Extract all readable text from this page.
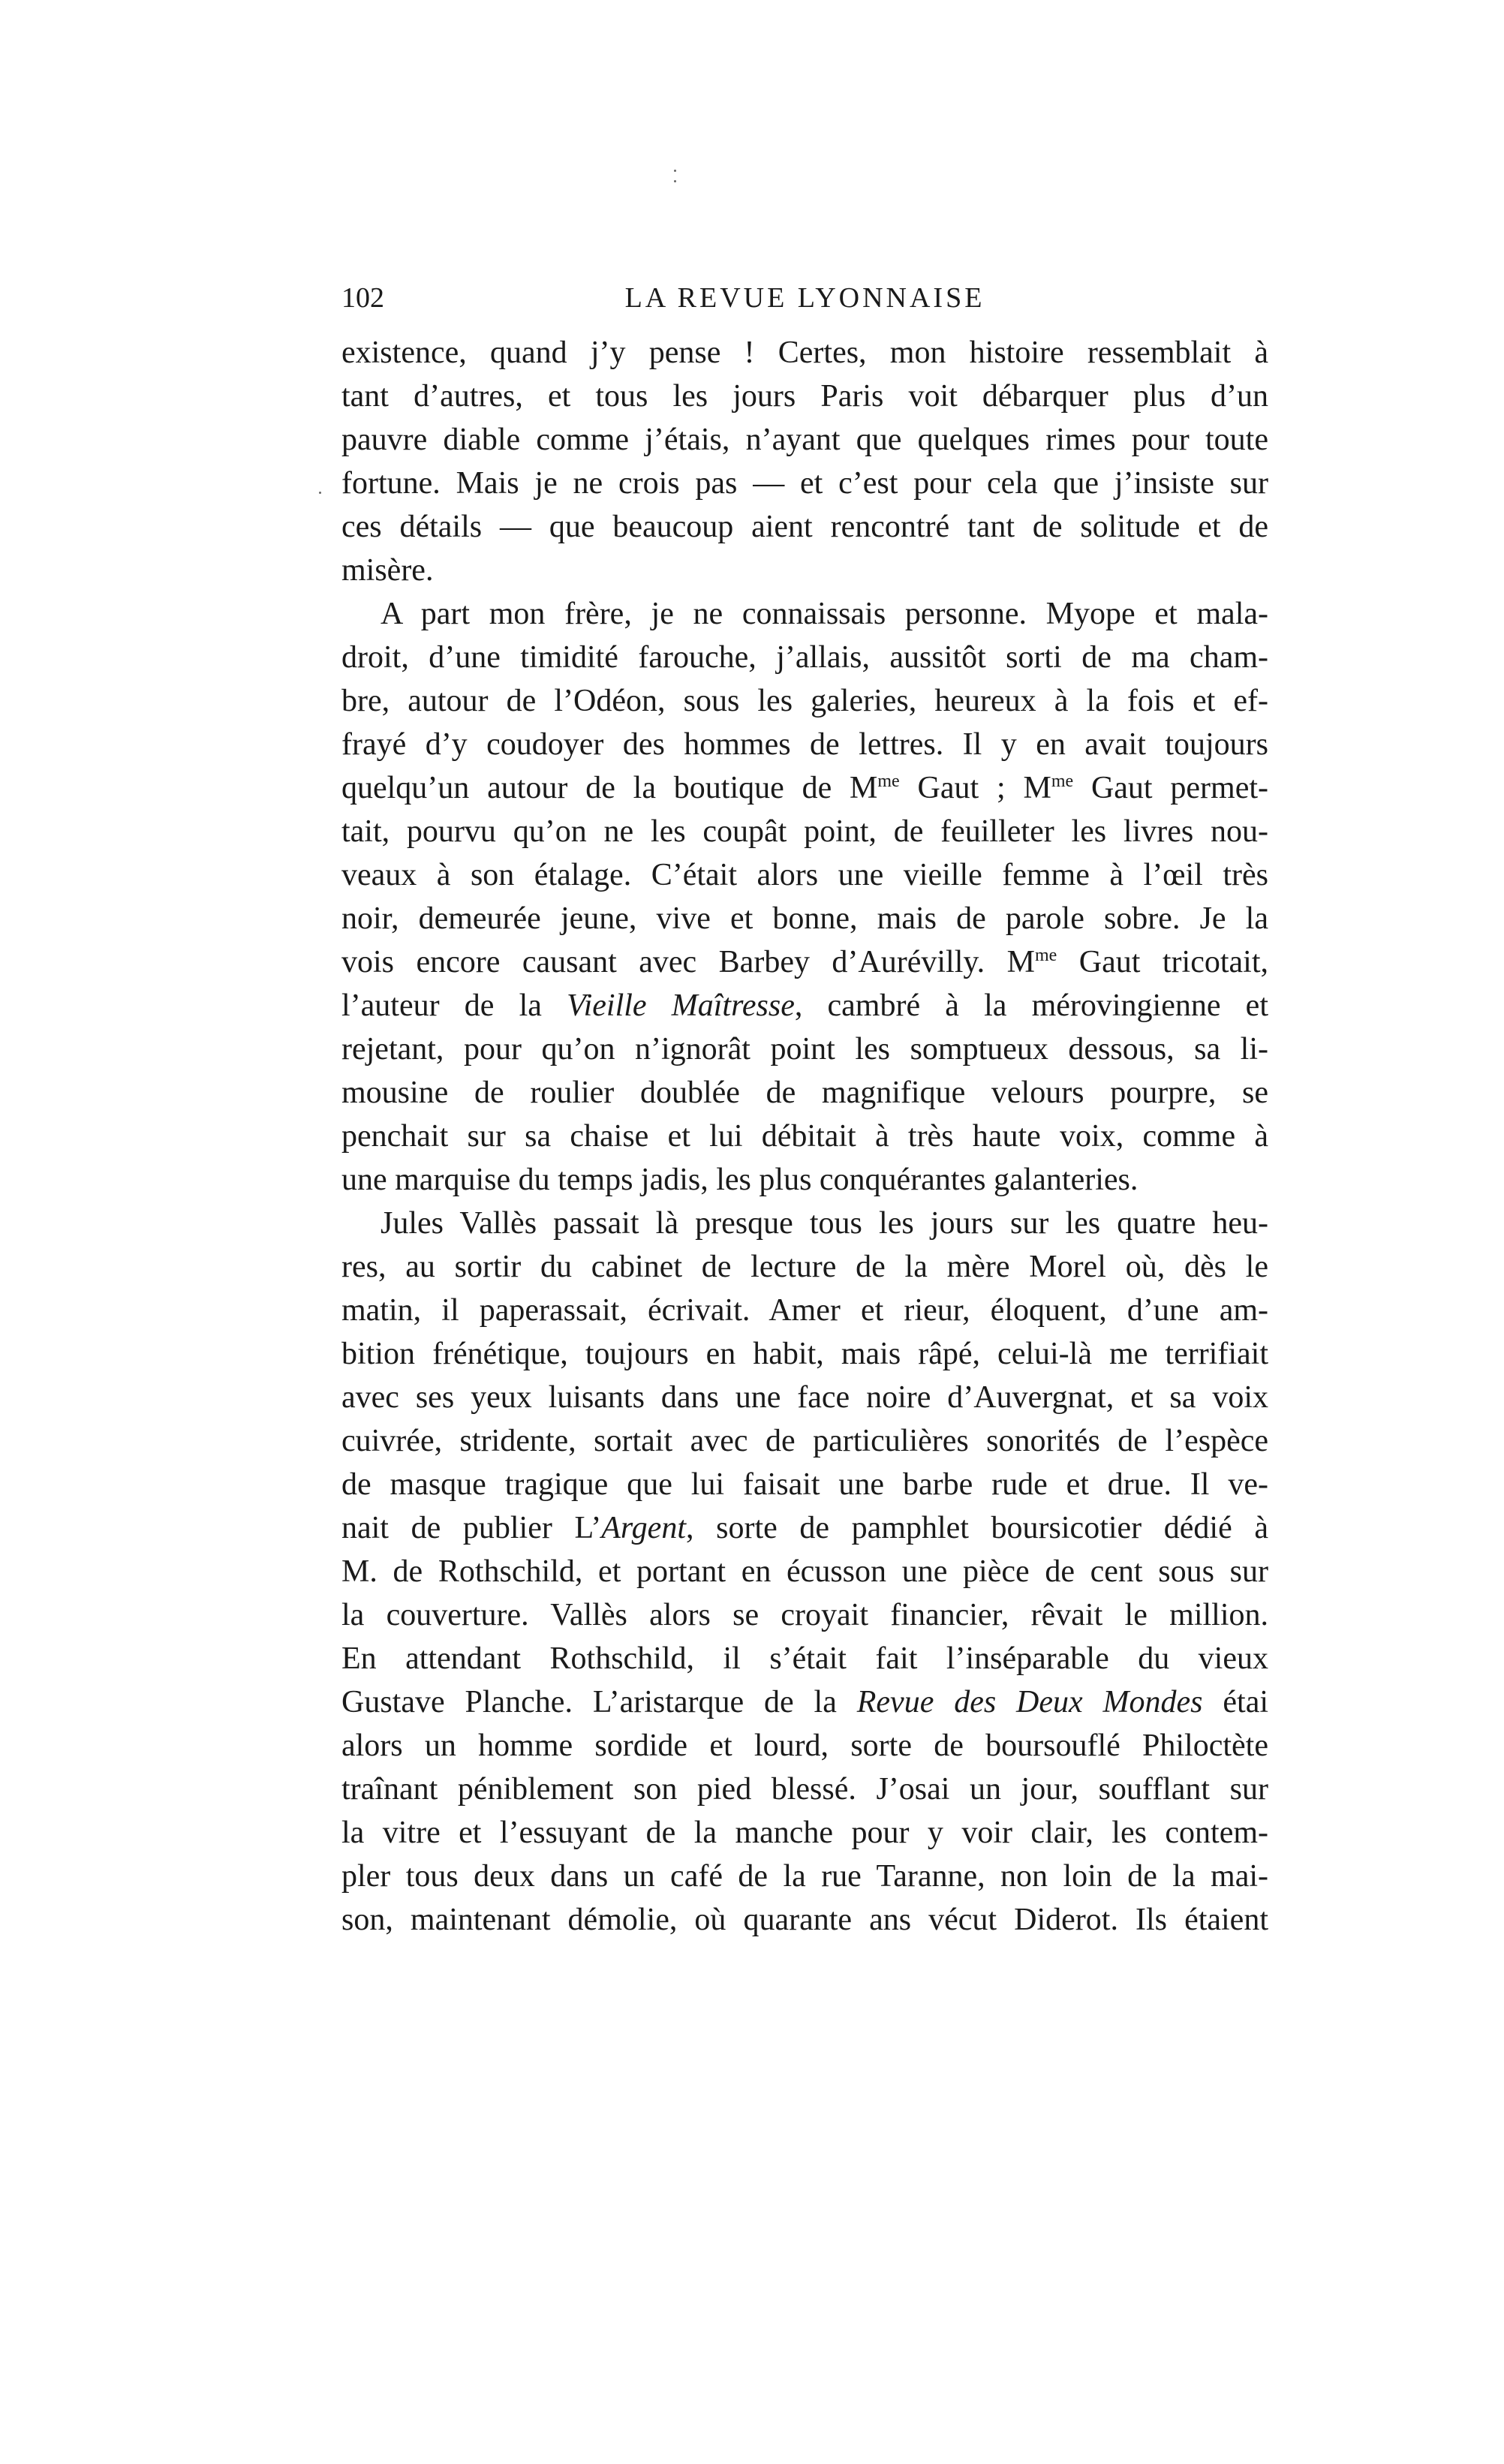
102	LA REVUE LYONNAISE
existence, quand j’y pense ! Certes, mon histoire ressemblait à
tant d’autres, et tous les jours Paris voit débarquer plus d’un
pauvre diable comme j’étais, n’ayant que quelques rimes pour toute
fortune. Mais je ne crois pas — et c’est pour cela que j’insiste sur
ces détails — que beaucoup aient rencontré tant de solitude et de
misère.
A part mon frère, je ne connaissais personne. Myope et mala-
droit, d’une timidité farouche, j’allais, aussitôt sorti de ma cham-
bre, autour de l’Odéon, sous les galeries, heureux à la fois et ef-
frayé d’y coudoyer des hommes de lettres. Il y en avait toujours
quelqu’un autour de la boutique de $M^{me}$ Gaut ; $M^{me}$ Gaut permet-
tait, pourvu qu’on ne les coupât point, de feuilleter les livres nou-
veaux à son étalage. C’était alors une vieille femme à l’œil très
noir, demeurée jeune, vive et bonne, mais de parole sobre. Je la
vois encore causant avec Barbey d’Aurévilly. $M^{me}$ Gaut tricotait,
l’auteur de la Vieille Maîtresse, cambré à la mérovingienne et
rejetant, pour qu’on n’ignorât point les somptueux dessous, sa li-
mousine de roulier doublée de magnifique velours pourpre, se
penchait sur sa chaise et lui débitait à très haute voix, comme à
une marquise du temps jadis, les plus conquérantes galanteries.
Jules Vallès passait là presque tous les jours sur les quatre heu-
res, au sortir du cabinet de lecture de la mère Morel où, dès le
matin, il paperassait, écrivait. Amer et rieur, éloquent, d’une am-
bition frénétique, toujours en habit, mais râpé, celui-là me terrifiait
avec ses yeux luisants dans une face noire d’Auvergnat, et sa voix
cuivrée, stridente, sortait avec de particulières sonorités de l’espèce
de masque tragique que lui faisait une barbe rude et drue. Il ve-
nait de publier L’Argent, sorte de pamphlet boursicotier dédié à
M. de Rothschild, et portant en écusson une pièce de cent sous sur
la couverture. Vallès alors se croyait financier, rêvait le million.
En attendant Rothschild, il s’était fait l’inséparable du vieux
Gustave Planche. L’aristarque de la Revue des Deux Mondes étai
alors un homme sordide et lourd, sorte de boursouflé Philoctète
traînant péniblement son pied blessé. J’osai un jour, soufflant sur
la vitre et l’essuyant de la manche pour y voir clair, les contem-
pler tous deux dans un café de la rue Taranne, non loin de la mai-
son, maintenant démolie, où quarante ans vécut Diderot. Ils étaient
